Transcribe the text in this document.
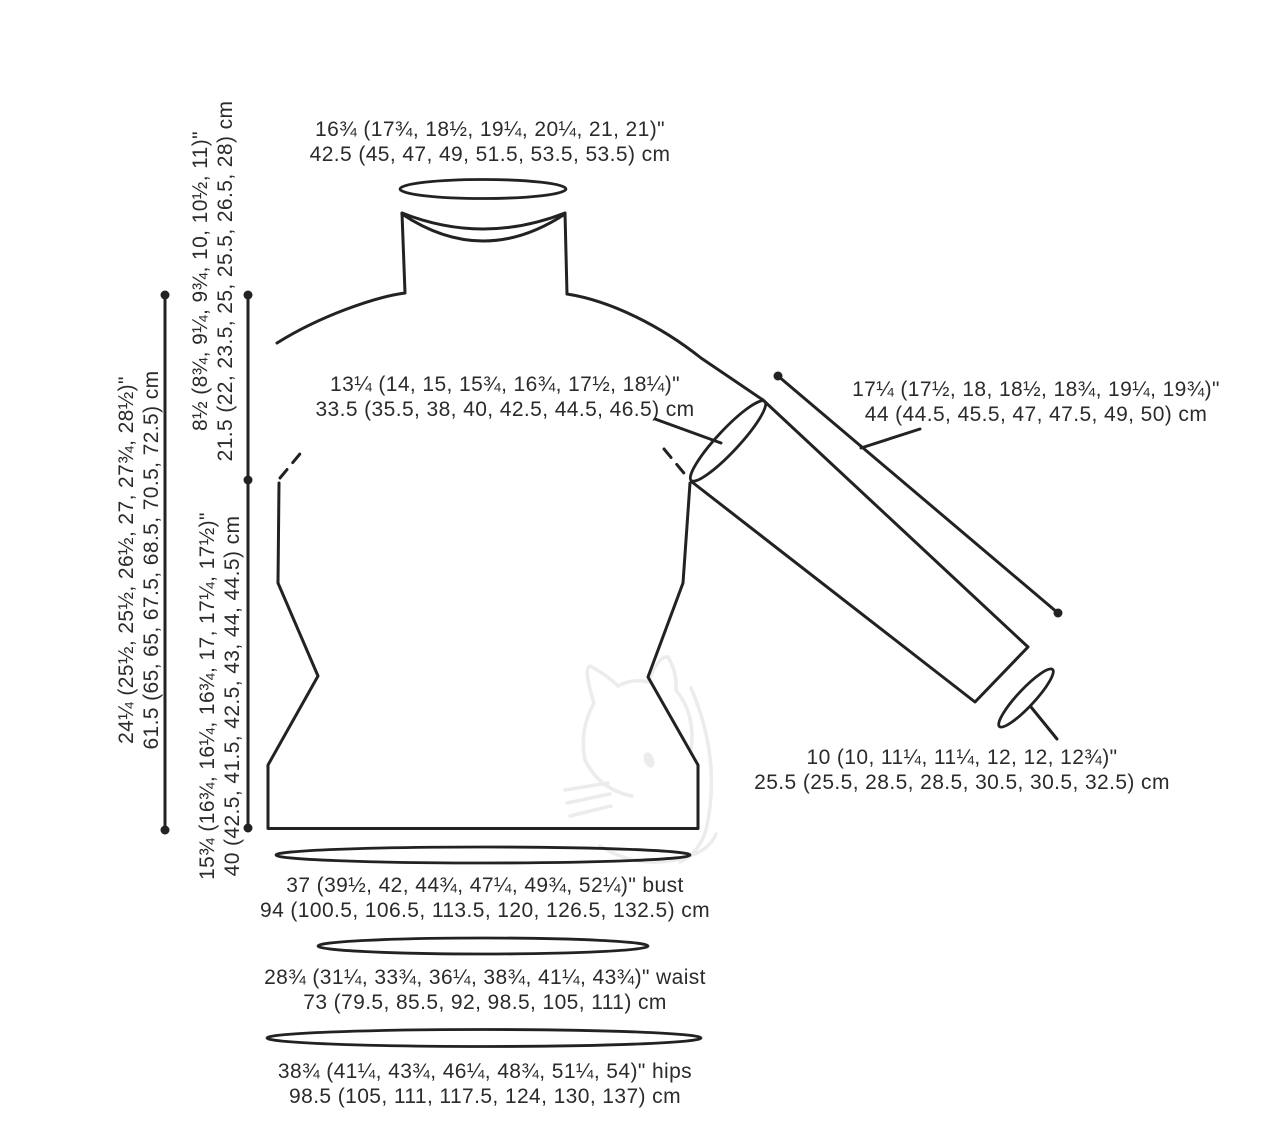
16¾ (17¾, 18½, 19¼, 20¼, 21, 21)"
42.5 (45, 47, 49, 51.5, 53.5, 53.5) cm
13¼ (14, 15, 15¾, 16¾, 17½, 18¼)"
33.5 (35.5, 38, 40, 42.5, 44.5, 46.5) cm
17¼ (17½, 18, 18½, 18¾, 19¼, 19¾)"
44 (44.5, 45.5, 47, 47.5, 49, 50) cm
10 (10, 11¼, 11¼, 12, 12, 12¾)"
25.5 (25.5, 28.5, 28.5, 30.5, 30.5, 32.5) cm
37 (39½, 42, 44¾, 47¼, 49¾, 52¼)" bust
94 (100.5, 106.5, 113.5, 120, 126.5, 132.5) cm
28¾ (31¼, 33¾, 36¼, 38¾, 41¼, 43¾)" waist
73 (79.5, 85.5, 92, 98.5, 105, 111) cm
38¾ (41¼, 43¾, 46¼, 48¾, 51¼, 54)" hips
98.5 (105, 111, 117.5, 124, 130, 137) cm
8½ (8¾, 9¼, 9¾, 10, 10½, 11)" 21.5 (22, 23.5, 25, 25.5, 26.5, 28) cm
24¼ (25½, 25½, 26½, 27, 27¾, 28½)" 61.5 (65, 65, 67.5, 68.5, 70.5, 72.5) cm 15¾ (16¾, 16¼, 16¾, 17, 17¼, 17½)" 40 (42.5, 41.5, 42.5, 43, 44, 44.5) cm
